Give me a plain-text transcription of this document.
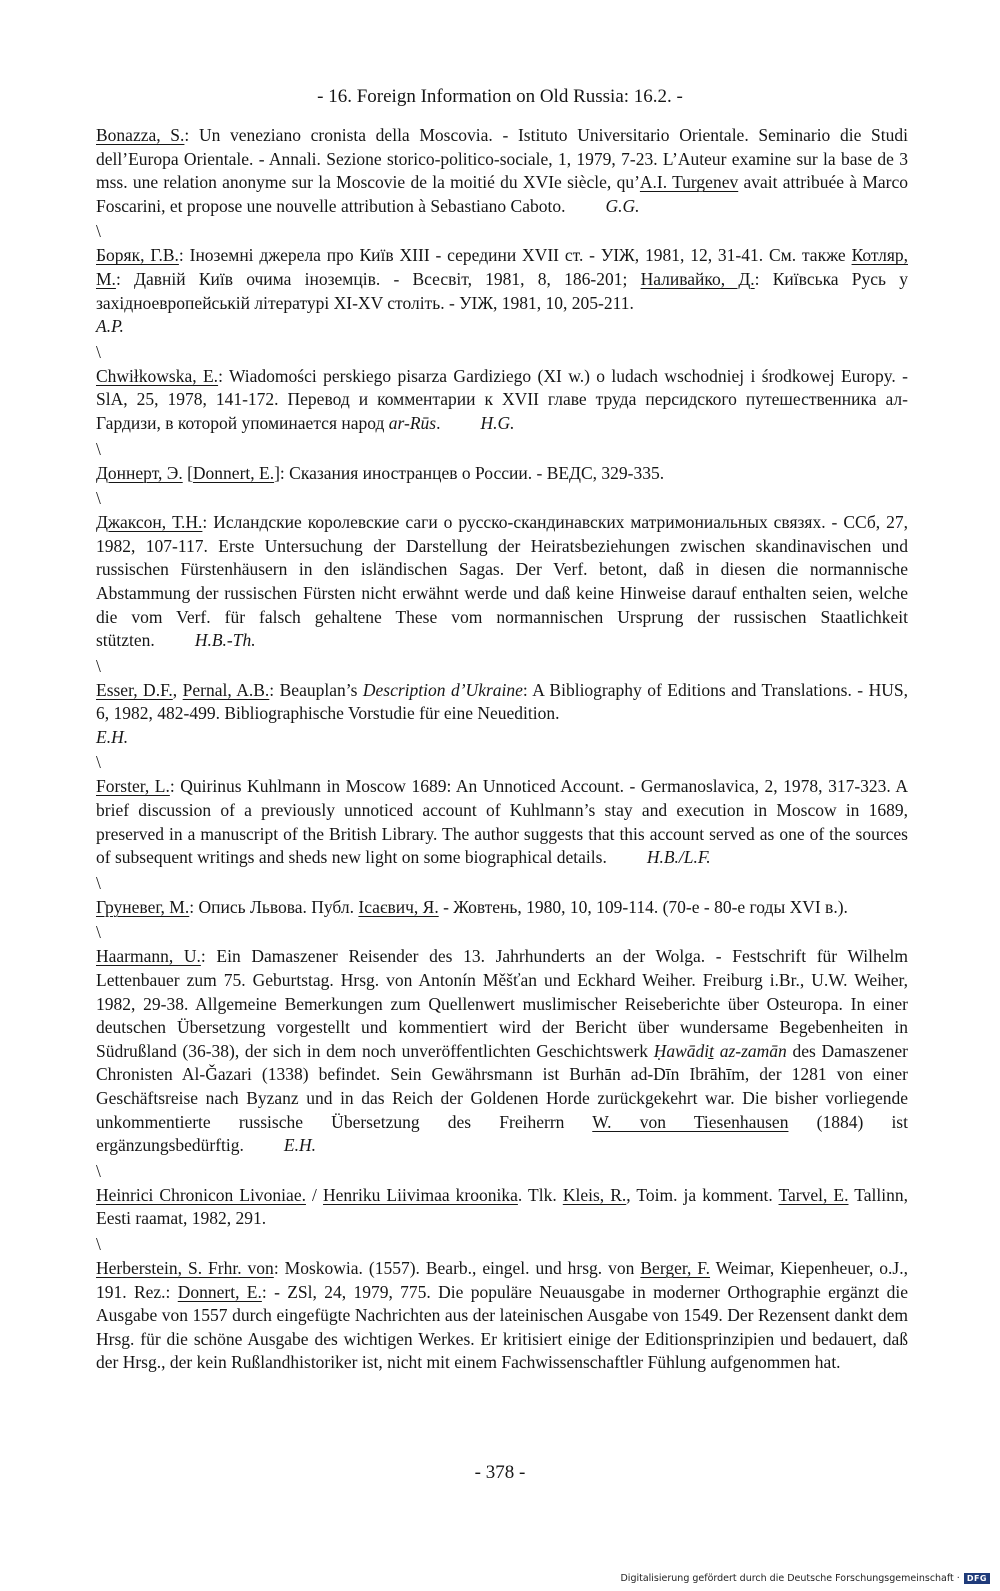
- 16. Foreign Information on Old Russia: 16.2. -

Bonazza, S.: Un veneziano cronista della Moscovia. - Istituto Universitario Orientale. Seminario die Studi dell’Europa Orientale. - Annali. Sezione storico-politico-sociale, 1, 1979, 7-23. L’Auteur examine sur la base de 3 mss. une relation anonyme sur la Moscovie de la moitié du XVIe siècle, qu’A.I. Turgenev avait attribuée à Marco Foscarini, et propose une nouvelle attribution à Sebastiano Caboto. G.G.

\

Боряк, Г.В.: Іноземні джерела про Київ XIII - середини XVII ст. - УІЖ, 1981, 12, 31-41. См. также Котляр, М.: Давній Київ очима іноземців. - Всесвіт, 1981, 8, 186-201; Наливайко, Д.: Київська Русь у західноевропейській літературі XI-XV століть. - УІЖ, 1981, 10, 205-211.
A.P.

\

Chwiłkowska, E.: Wiadomości perskiego pisarza Gardiziego (XI w.) o ludach wschodniej i środkowej Europy. - SlA, 25, 1978, 141-172. Перевод и комментарии к XVII главе труда персидского путешественника ал-Гардизи, в которой упоминается народ ar-Rūs. H.G.

\

Доннерт, Э. [Donnert, E.]: Сказания иностранцев о России. - ВЕДС, 329-335.

\

Джаксон, Т.Н.: Исландские королевские саги о русско-скандинавских матримониальных связях. - ССб, 27, 1982, 107-117. Erste Untersuchung der Darstellung der Heiratsbeziehungen zwischen skandinavischen und russischen Fürstenhäusern in den isländischen Sagas. Der Verf. betont, daß in diesen die normannische Abstammung der russischen Fürsten nicht erwähnt werde und daß keine Hinweise darauf enthalten seien, welche die vom Verf. für falsch gehaltene These vom normannischen Ursprung der russischen Staatlichkeit stützten. H.B.-Th.

\

Esser, D.F., Pernal, A.B.: Beauplan’s Description d’Ukraine: A Bibliography of Editions and Translations. - HUS, 6, 1982, 482-499. Bibliographische Vorstudie für eine Neuedition.
E.H.

\

Forster, L.: Quirinus Kuhlmann in Moscow 1689: An Unnoticed Account. - Germanoslavica, 2, 1978, 317-323. A brief discussion of a previously unnoticed account of Kuhlmann’s stay and execution in Moscow in 1689, preserved in a manuscript of the British Library. The author suggests that this account served as one of the sources of subsequent writings and sheds new light on some biographical details. H.B./L.F.

\

Груневег, М.: Опись Львова. Публ. Ісаєвич, Я. - Жовтень, 1980, 10, 109-114. (70-е - 80-е годы XVI в.).

\

Haarmann, U.: Ein Damaszener Reisender des 13. Jahrhunderts an der Wolga. - Festschrift für Wilhelm Lettenbauer zum 75. Geburtstag. Hrsg. von Antonín Měšťan und Eckhard Weiher. Freiburg i.Br., U.W. Weiher, 1982, 29-38. Allgemeine Bemerkungen zum Quellenwert muslimischer Reiseberichte über Osteuropa. In einer deutschen Übersetzung vorgestellt und kommentiert wird der Bericht über wundersame Begebenheiten in Südrußland (36-38), der sich in dem noch unveröffentlichten Geschichtswerk Ḥawādiṯ az-zamān des Damaszener Chronisten Al-Ǧazari (1338) befindet. Sein Gewährsmann ist Burhān ad-Dīn Ibrāhīm, der 1281 von einer Geschäftsreise nach Byzanz und in das Reich der Goldenen Horde zurückgekehrt war. Die bisher vorliegende unkommentierte russische Übersetzung des Freiherrn W. von Tiesenhausen (1884) ist ergänzungsbedürftig. E.H.

\

Heinrici Chronicon Livoniae. / Henriku Liivimaa kroonika. Tlk. Kleis, R., Toim. ja komment. Tarvel, E. Tallinn, Eesti raamat, 1982, 291.

\

Herberstein, S. Frhr. von: Moskowia. (1557). Bearb., eingel. und hrsg. von Berger, F. Weimar, Kiepenheuer, o.J., 191. Rez.: Donnert, E.: - ZSl, 24, 1979, 775. Die populäre Neuausgabe in moderner Orthographie ergänzt die Ausgabe von 1557 durch eingefügte Nachrichten aus der lateinischen Ausgabe von 1549. Der Rezensent dankt dem Hrsg. für die schöne Ausgabe des wichtigen Werkes. Er kritisiert einige der Editionsprinzipien und bedauert, daß der Hrsg., der kein Rußlandhistoriker ist, nicht mit einem Fachwissenschaftler Fühlung aufgenommen hat.

- 378 -
Digitalisierung gefördert durch die Deutsche Forschungsgemeinschaft · DFG
